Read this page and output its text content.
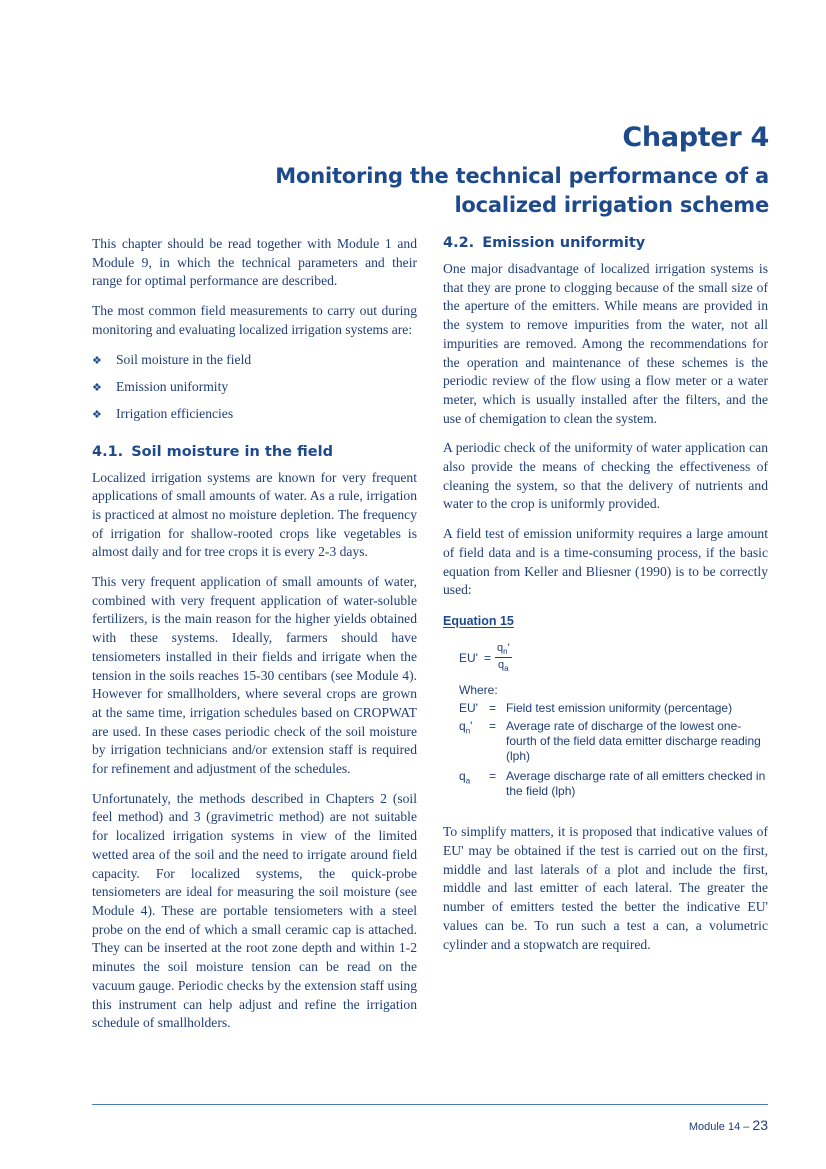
Chapter 4
Monitoring the technical performance of a localized irrigation scheme

This chapter should be read together with Module 1 and Module 9, in which the technical parameters and their range for optimal performance are described.

The most common field measurements to carry out during monitoring and evaluating localized irrigation systems are:

❖	Soil moisture in the field
❖	Emission uniformity
❖	Irrigation efficiencies
4.1. Soil moisture in the field

Localized irrigation systems are known for very frequent applications of small amounts of water. As a rule, irrigation is practiced at almost no moisture depletion. The frequency of irrigation for shallow-rooted crops like vegetables is almost daily and for tree crops it is every 2-3 days.

This very frequent application of small amounts of water, combined with very frequent application of water-soluble fertilizers, is the main reason for the higher yields obtained with these systems. Ideally, farmers should have tensiometers installed in their fields and irrigate when the tension in the soils reaches 15-30 centibars (see Module 4). However for smallholders, where several crops are grown at the same time, irrigation schedules based on CROPWAT are used. In these cases periodic check of the soil moisture by irrigation technicians and/or extension staff is required for refinement and adjustment of the schedules.

Unfortunately, the methods described in Chapters 2 (soil feel method) and 3 (gravimetric method) are not suitable for localized irrigation systems in view of the limited wetted area of the soil and the need to irrigate around field capacity. For localized systems, the quick-probe tensiometers are ideal for measuring the soil moisture (see Module 4). These are portable tensiometers with a steel probe on the end of which a small ceramic cap is attached. They can be inserted at the root zone depth and within 1-2 minutes the soil moisture tension can be read on the vacuum gauge. Periodic checks by the extension staff using this instrument can help adjust and refine the irrigation schedule of smallholders.

4.2. Emission uniformity

One major disadvantage of localized irrigation systems is that they are prone to clogging because of the small size of the aperture of the emitters. While means are provided in the system to remove impurities from the water, not all impurities are removed. Among the recommendations for the operation and maintenance of these schemes is the periodic review of the flow using a flow meter or a water meter, which is usually installed after the filters, and the use of chemigation to clean the system.

A periodic check of the uniformity of water application can also provide the means of checking the effectiveness of cleaning the system, so that the delivery of nutrients and water to the crop is uniformly provided.

A field test of emission uniformity requires a large amount of field data and is a time-consuming process, if the basic equation from Keller and Bliesner (1990) is to be correctly used:

Equation 15
$EU' = \frac{q_n'}{q_a}$
Where:
EU' = Field test emission uniformity (percentage)
$q_n'$	= Average rate of discharge of the lowest one-fourth of the field data emitter discharge reading (lph)
$q_a$	= Average discharge rate of all emitters checked in the field (lph)

To simplify matters, it is proposed that indicative values of EU' may be obtained if the test is carried out on the first, middle and last laterals of a plot and include the first, middle and last emitter of each lateral. The greater the number of emitters tested the better the indicative EU' values can be. To run such a test a can, a volumetric cylinder and a stopwatch are required.

Module 14 – 23
